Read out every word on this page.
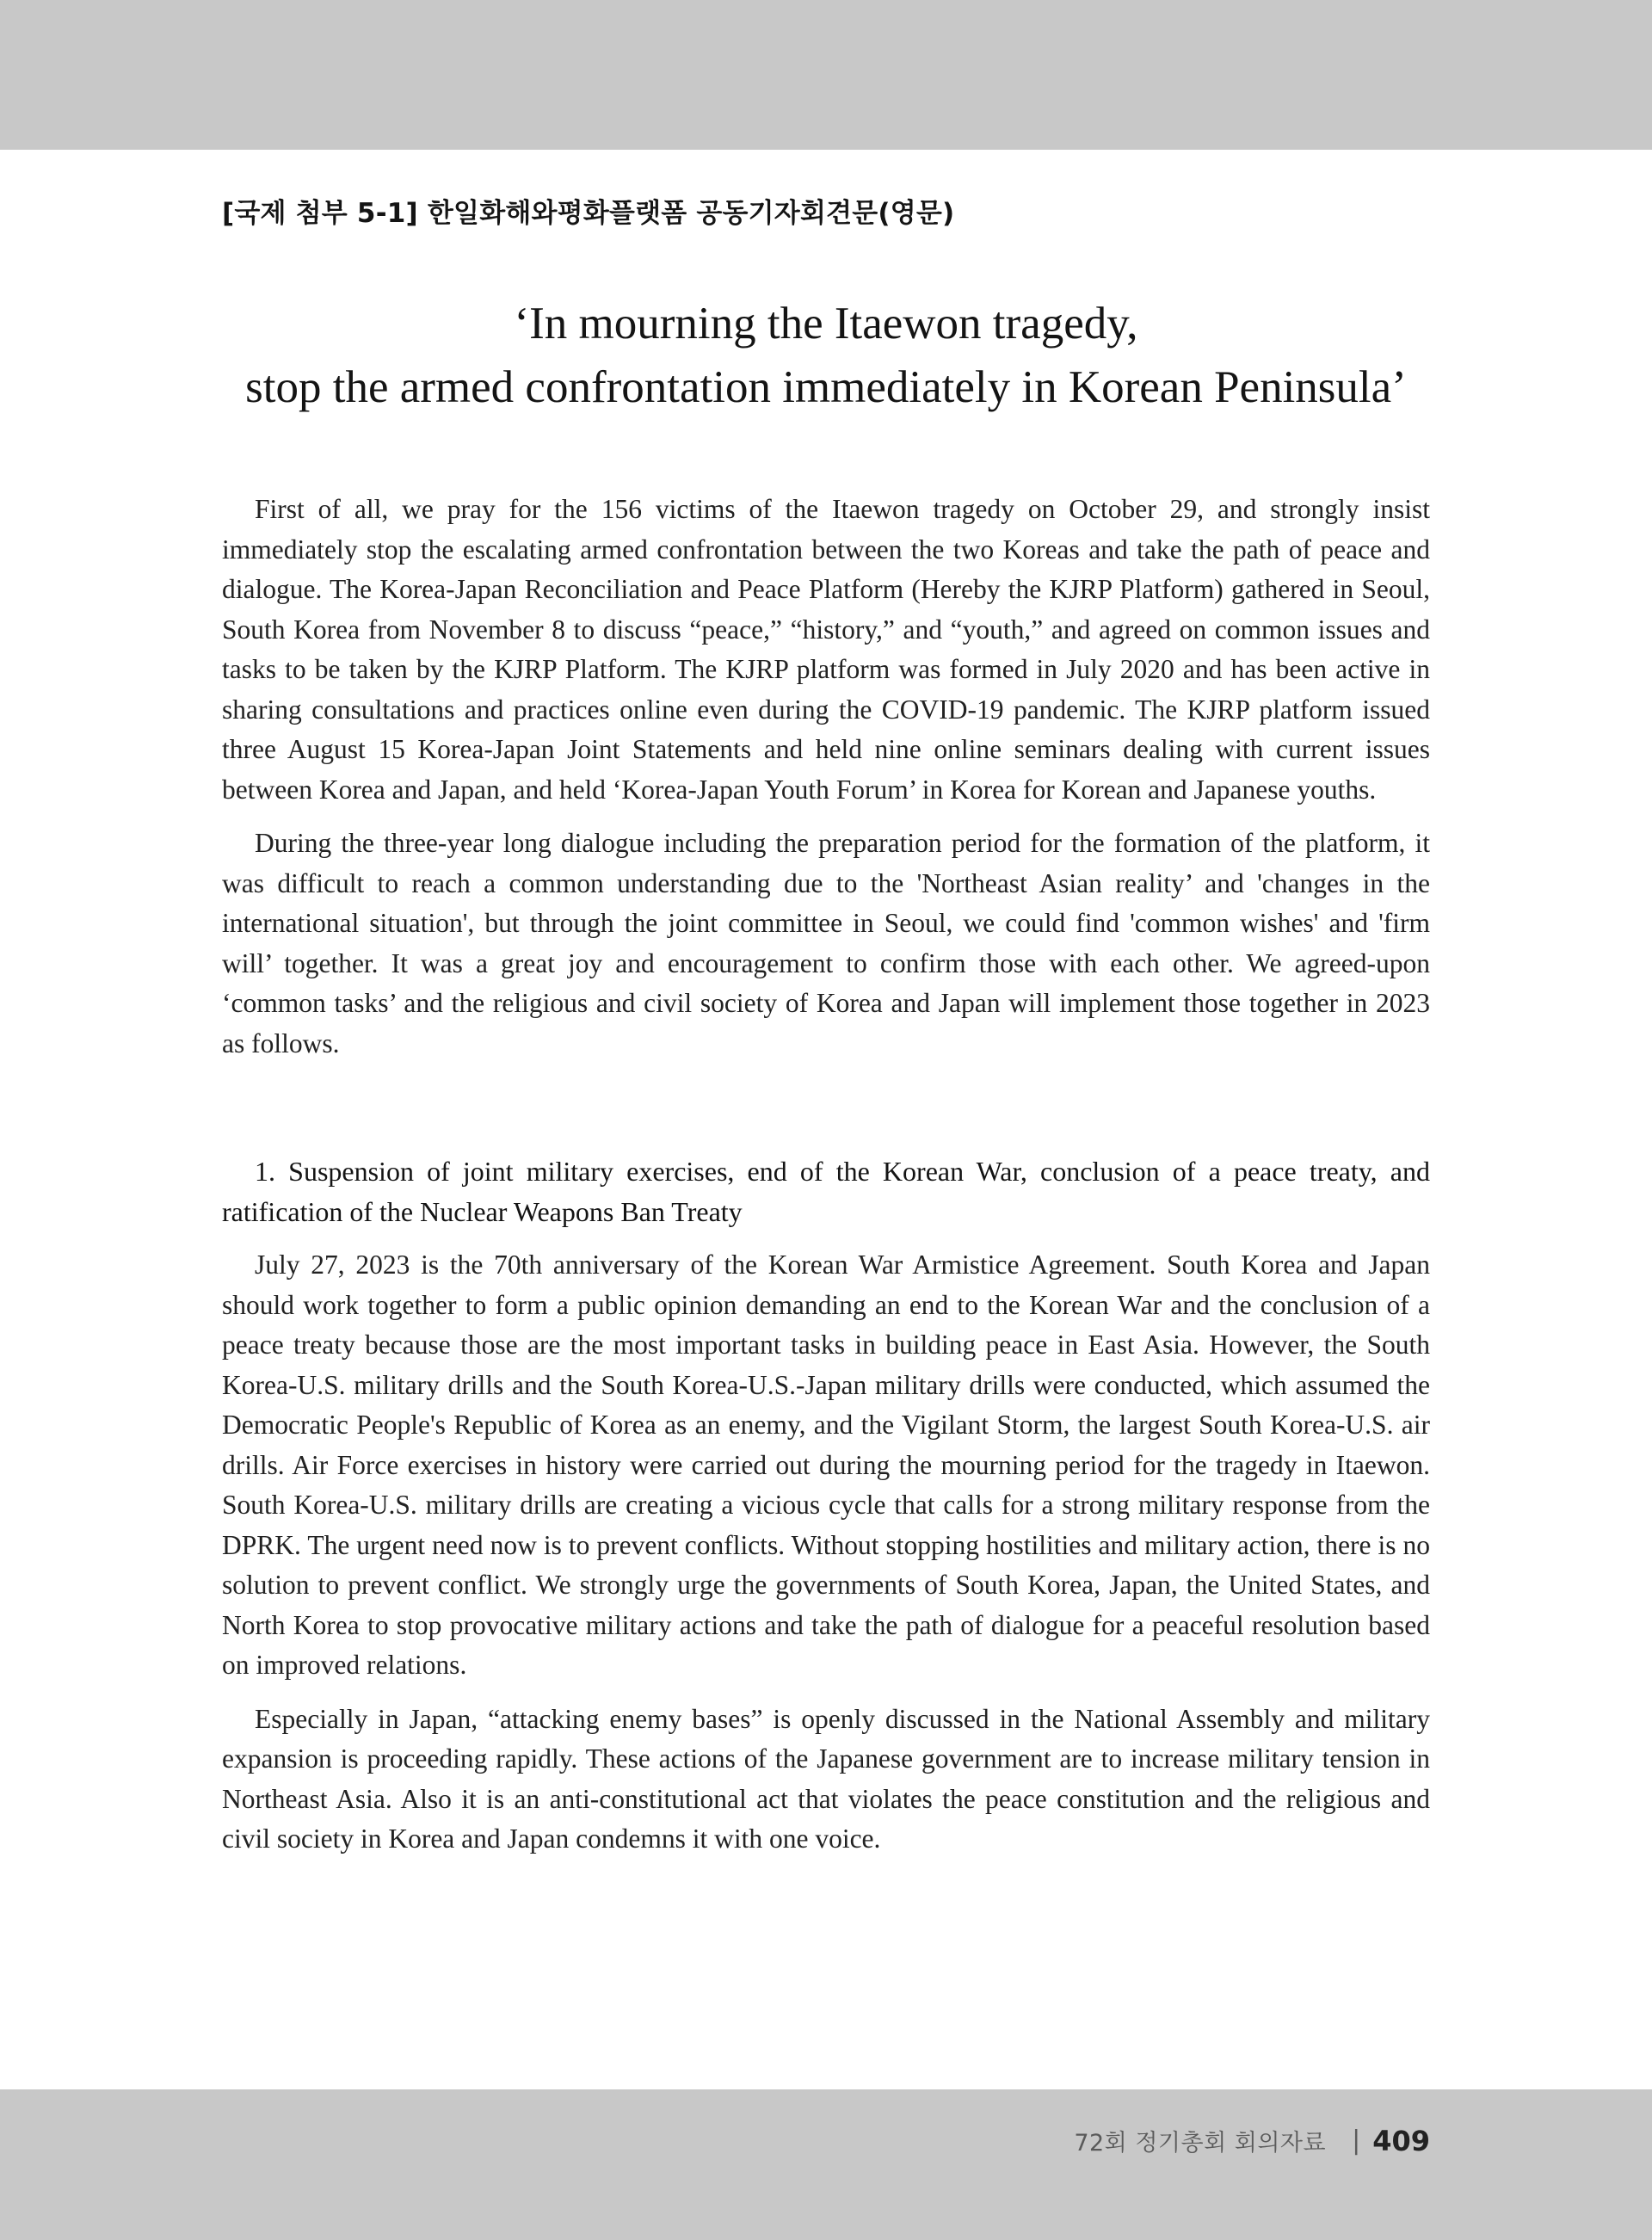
[국제 첨부 5-1] 한일화해와평화플랫폼 공동기자회견문(영문)
‘In mourning the Itaewon tragedy,
stop the armed confrontation immediately in Korean Peninsula’

First of all, we pray for the 156 victims of the Itaewon tragedy on October 29, and strongly insist immediately stop the escalating armed confrontation between the two Koreas and take the path of peace and dialogue. The Korea-Japan Reconciliation and Peace Platform (Hereby the KJRP Platform) gathered in Seoul, South Korea from November 8 to discuss “peace,” “history,” and “youth,” and agreed on common issues and tasks to be taken by the KJRP Platform. The KJRP platform was formed in July 2020 and has been active in sharing consultations and practices online even during the COVID-19 pandemic. The KJRP platform issued three August 15 Korea-Japan Joint Statements and held nine online seminars dealing with current issues between Korea and Japan, and held ‘Korea-Japan Youth Forum’ in Korea for Korean and Japanese youths.

During the three-year long dialogue including the preparation period for the formation of the platform, it was difficult to reach a common understanding due to the 'Northeast Asian reality’ and 'changes in the international situation', but through the joint committee in Seoul, we could find 'common wishes' and 'firm will’ together. It was a great joy and encouragement to confirm those with each other. We agreed-upon ‘common tasks’ and the religious and civil society of Korea and Japan will implement those together in 2023 as follows.

1. Suspension of joint military exercises, end of the Korean War, conclusion of a peace treaty, and ratification of the Nuclear Weapons Ban Treaty

July 27, 2023 is the 70th anniversary of the Korean War Armistice Agreement. South Korea and Japan should work together to form a public opinion demanding an end to the Korean War and the conclusion of a peace treaty because those are the most important tasks in building peace in East Asia. However, the South Korea-U.S. military drills and the South Korea-U.S.-Japan military drills were conducted, which assumed the Democratic People's Republic of Korea as an enemy, and the Vigilant Storm, the largest South Korea-U.S. air drills. Air Force exercises in history were carried out during the mourning period for the tragedy in Itaewon. South Korea-U.S. military drills are creating a vicious cycle that calls for a strong military response from the DPRK. The urgent need now is to prevent conflicts. Without stopping hostilities and military action, there is no solution to prevent conflict. We strongly urge the governments of South Korea, Japan, the United States, and North Korea to stop provocative military actions and take the path of dialogue for a peaceful resolution based on improved relations.

Especially in Japan, “attacking enemy bases” is openly discussed in the National Assembly and military expansion is proceeding rapidly. These actions of the Japanese government are to increase military tension in Northeast Asia. Also it is an anti-constitutional act that violates the peace constitution and the religious and civil society in Korea and Japan condemns it with one voice.

72회 정기총회 회의자료 | 409
